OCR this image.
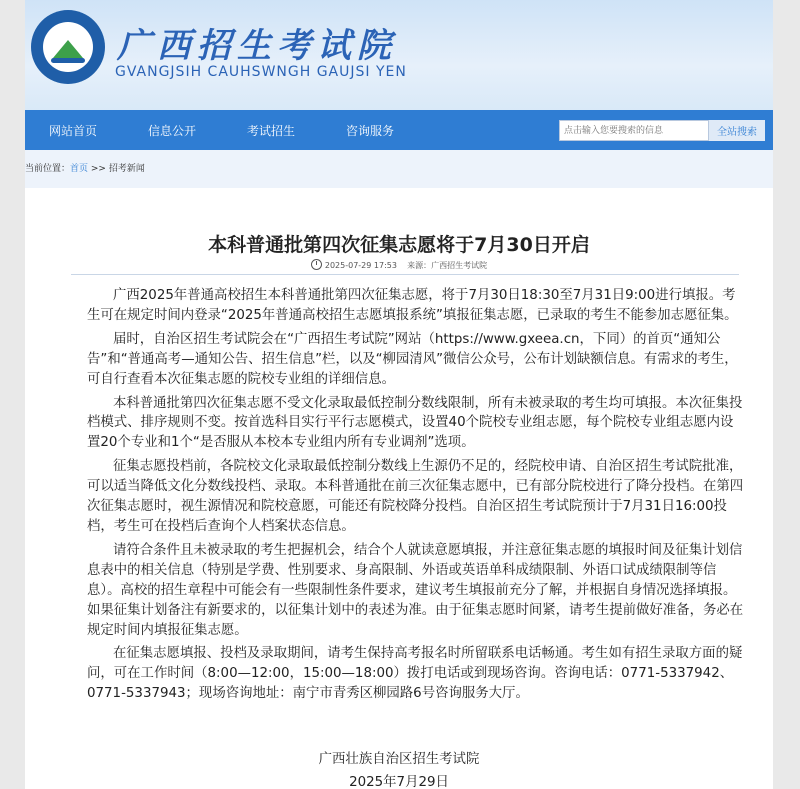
广西招生考试院
GVANGJSIH CAUHSWNGH GAUJSI YEN
网站首页	信息公开	考试招生	咨询服务
点击输入您要搜索的信息	全站搜索
当前位置：首页 >> 招考新闻
本科普通批第四次征集志愿将于7月30日开启
2025-07-29 17:53 来源：广西招生考试院

广西2025年普通高校招生本科普通批第四次征集志愿，将于7月30日18:30至7月31日9:00进行填报。考生可在规定时间内登录“2025年普通高校招生志愿填报系统”填报征集志愿，已录取的考生不能参加志愿征集。

届时，自治区招生考试院会在“广西招生考试院”网站（https://www.gxeea.cn，下同）的首页“通知公告”和“普通高考—通知公告、招生信息”栏，以及“柳园清风”微信公众号，公布计划缺额信息。有需求的考生，可自行查看本次征集志愿的院校专业组的详细信息。

本科普通批第四次征集志愿不受文化录取最低控制分数线限制，所有未被录取的考生均可填报。本次征集投档模式、排序规则不变。按首选科目实行平行志愿模式，设置40个院校专业组志愿，每个院校专业组志愿内设置20个专业和1个“是否服从本校本专业组内所有专业调剂”选项。

征集志愿投档前，各院校文化录取最低控制分数线上生源仍不足的，经院校申请、自治区招生考试院批准，可以适当降低文化分数线投档、录取。本科普通批在前三次征集志愿中，已有部分院校进行了降分投档。在第四次征集志愿时，视生源情况和院校意愿，可能还有院校降分投档。自治区招生考试院预计于7月31日16:00投档，考生可在投档后查询个人档案状态信息。

请符合条件且未被录取的考生把握机会，结合个人就读意愿填报，并注意征集志愿的填报时间及征集计划信息表中的相关信息（特别是学费、性别要求、身高限制、外语或英语单科成绩限制、外语口试成绩限制等信息）。高校的招生章程中可能会有一些限制性条件要求，建议考生填报前充分了解，并根据自身情况选择填报。如果征集计划备注有新要求的，以征集计划中的表述为准。由于征集志愿时间紧，请考生提前做好准备，务必在规定时间内填报征集志愿。

在征集志愿填报、投档及录取期间，请考生保持高考报名时所留联系电话畅通。考生如有招生录取方面的疑问，可在工作时间（8:00—12:00，15:00—18:00）拨打电话或到现场咨询。咨询电话：0771-5337942、0771-5337943；现场咨询地址：南宁市青秀区柳园路6号咨询服务大厅。

广西壮族自治区招生考试院
2025年7月29日
